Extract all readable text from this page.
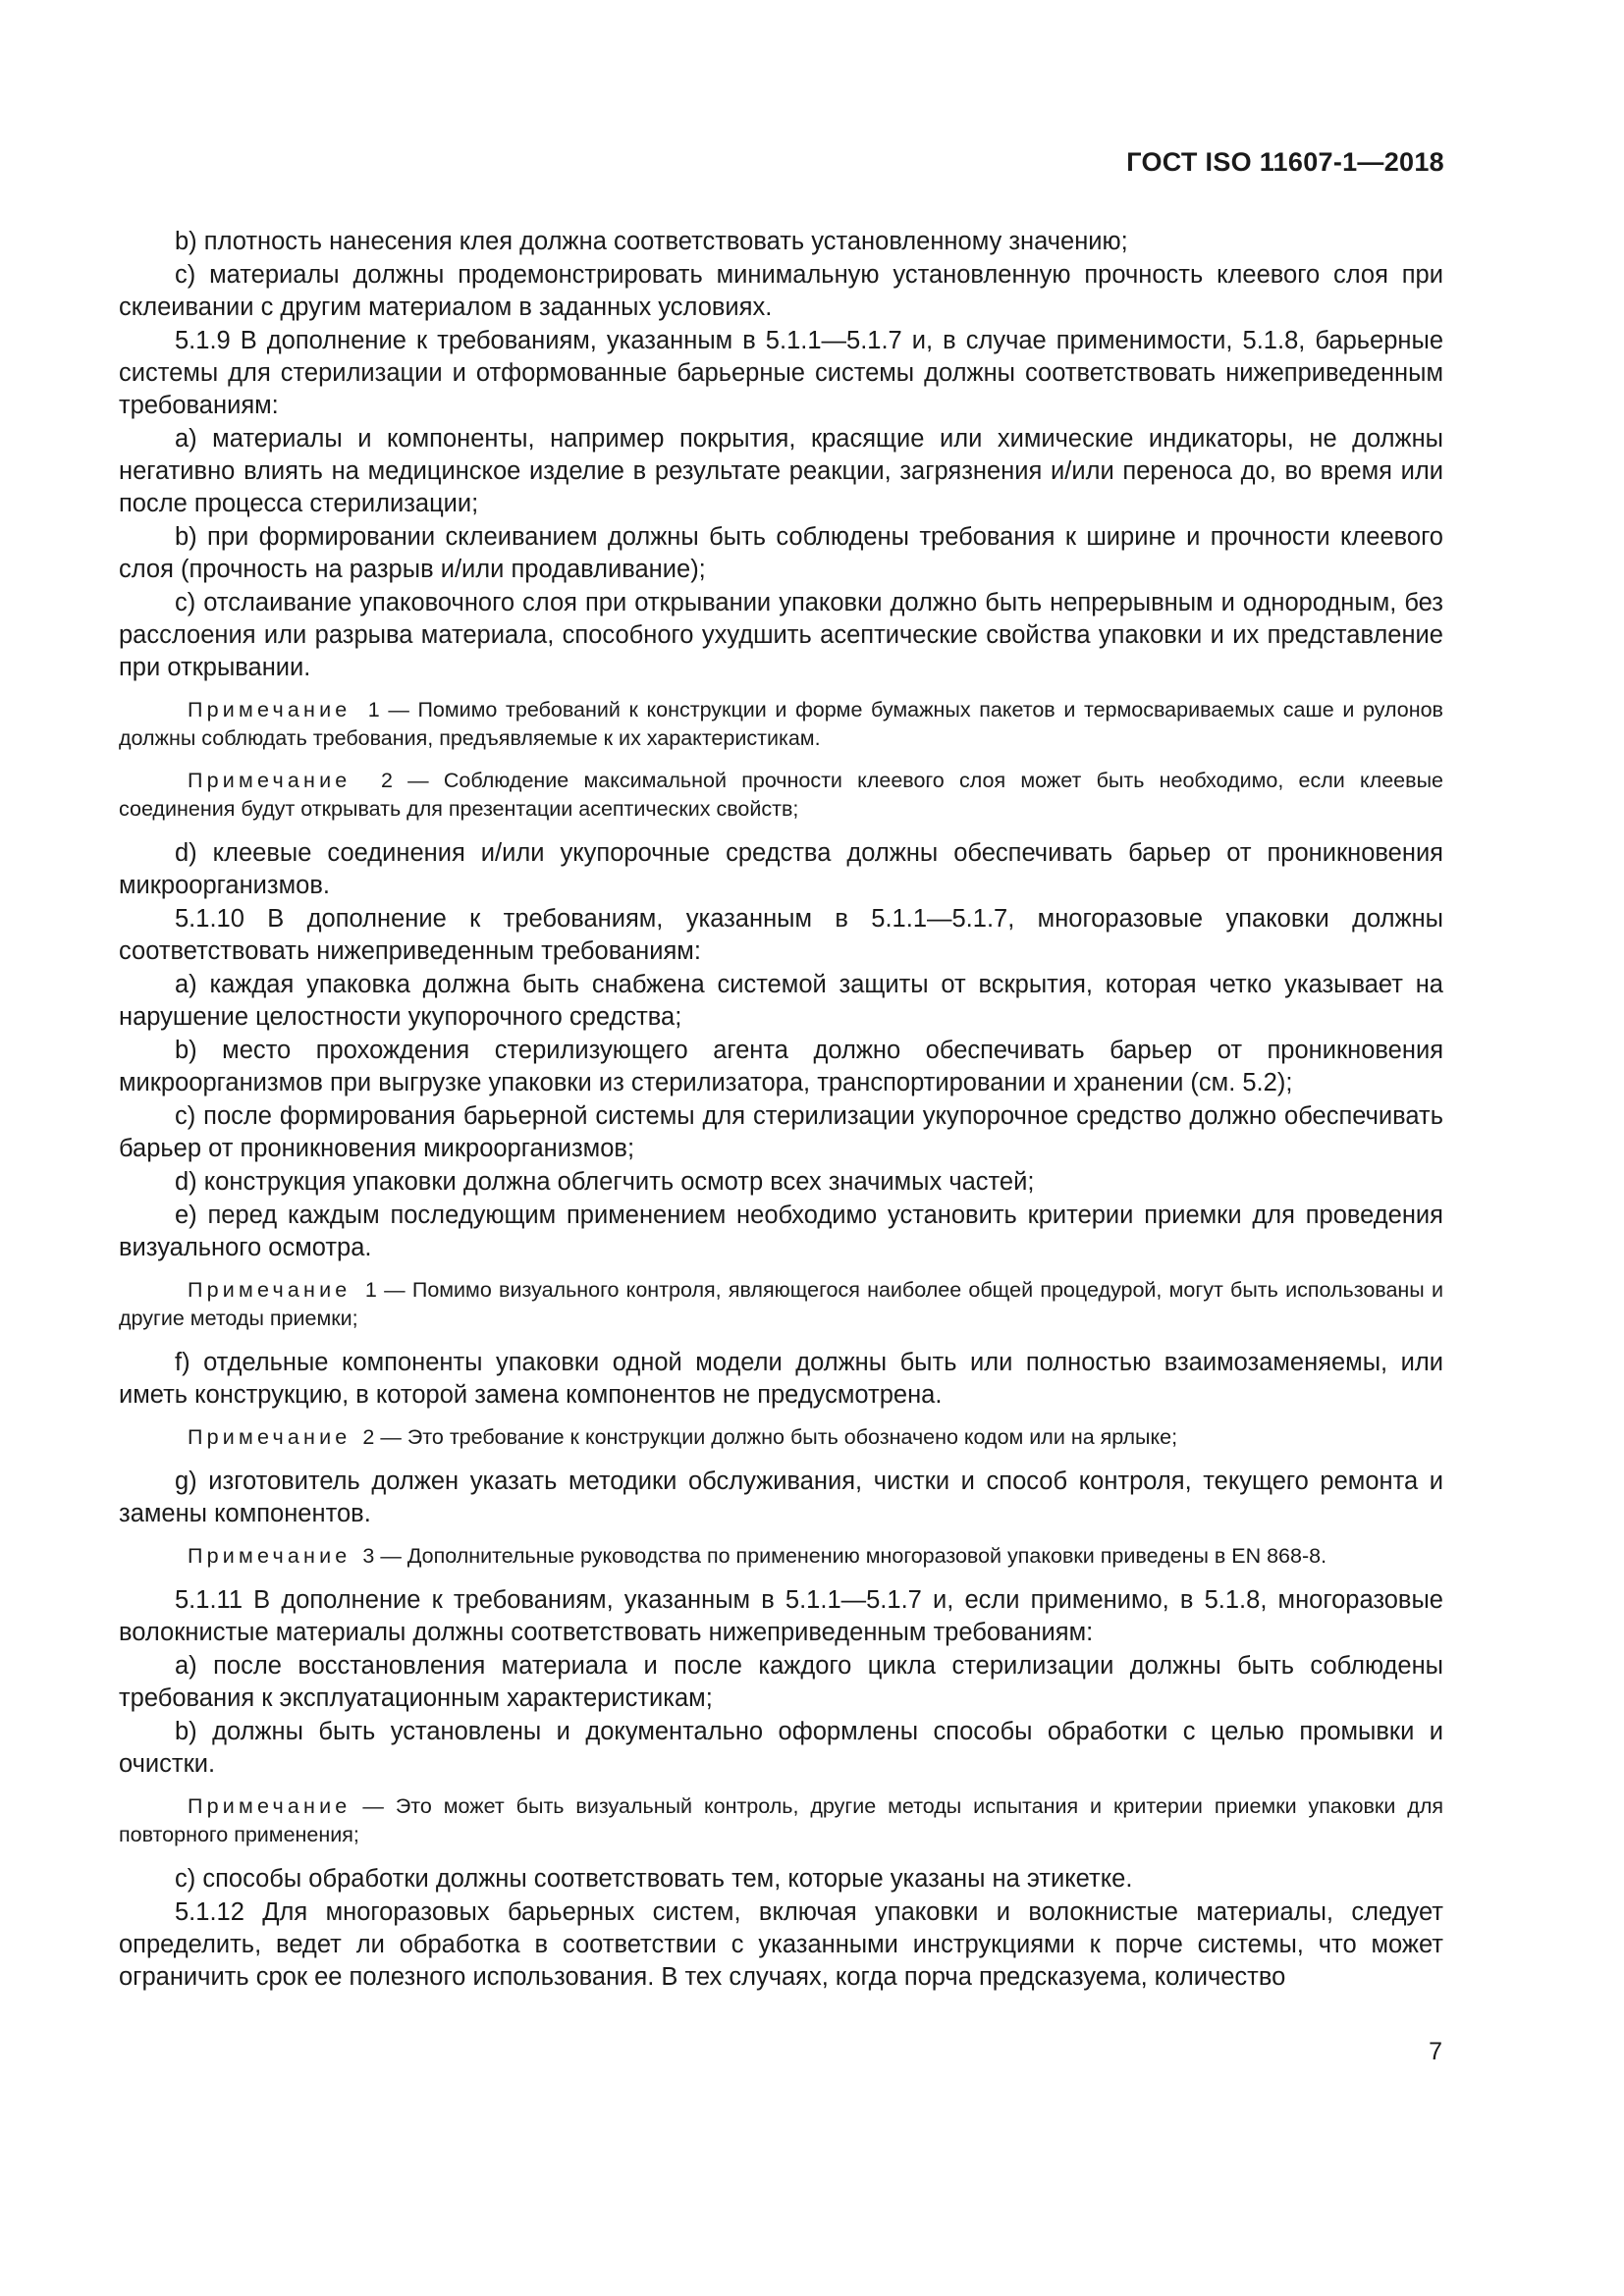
ГОСТ ISO 11607-1—2018

b) плотность нанесения клея должна соответствовать установленному значению;

c) материалы должны продемонстрировать минимальную установленную прочность клеевого слоя при склеивании с другим материалом в заданных условиях.

5.1.9 В дополнение к требованиям, указанным в 5.1.1—5.1.7 и, в случае применимости, 5.1.8, барьерные системы для стерилизации и отформованные барьерные системы должны соответствовать нижеприведенным требованиям:

a) материалы и компоненты, например покрытия, красящие или химические индикаторы, не должны негативно влиять на медицинское изделие в результате реакции, загрязнения и/или переноса до, во время или после процесса стерилизации;

b) при формировании склеиванием должны быть соблюдены требования к ширине и прочности клеевого слоя (прочность на разрыв и/или продавливание);

c) отслаивание упаковочного слоя при открывании упаковки должно быть непрерывным и однородным, без расслоения или разрыва материала, способного ухудшить асептические свойства упаковки и их представление при открывании.

Примечание 1 — Помимо требований к конструкции и форме бумажных пакетов и термосвариваемых саше и рулонов должны соблюдать требования, предъявляемые к их характеристикам.

Примечание 2 — Соблюдение максимальной прочности клеевого слоя может быть необходимо, если клеевые соединения будут открывать для презентации асептических свойств;

d) клеевые соединения и/или укупорочные средства должны обеспечивать барьер от проникновения микроорганизмов.

5.1.10 В дополнение к требованиям, указанным в 5.1.1—5.1.7, многоразовые упаковки должны соответствовать нижеприведенным требованиям:

a) каждая упаковка должна быть снабжена системой защиты от вскрытия, которая четко указывает на нарушение целостности укупорочного средства;

b) место прохождения стерилизующего агента должно обеспечивать барьер от проникновения микроорганизмов при выгрузке упаковки из стерилизатора, транспортировании и хранении (см. 5.2);

c) после формирования барьерной системы для стерилизации укупорочное средство должно обеспечивать барьер от проникновения микроорганизмов;

d) конструкция упаковки должна облегчить осмотр всех значимых частей;

e) перед каждым последующим применением необходимо установить критерии приемки для проведения визуального осмотра.

Примечание 1 — Помимо визуального контроля, являющегося наиболее общей процедурой, могут быть использованы и другие методы приемки;

f) отдельные компоненты упаковки одной модели должны быть или полностью взаимозаменяемы, или иметь конструкцию, в которой замена компонентов не предусмотрена.

Примечание 2 — Это требование к конструкции должно быть обозначено кодом или на ярлыке;

g) изготовитель должен указать методики обслуживания, чистки и способ контроля, текущего ремонта и замены компонентов.

Примечание 3 — Дополнительные руководства по применению многоразовой упаковки приведены в EN 868-8.

5.1.11 В дополнение к требованиям, указанным в 5.1.1—5.1.7 и, если применимо, в 5.1.8, многоразовые волокнистые материалы должны соответствовать нижеприведенным требованиям:

a) после восстановления материала и после каждого цикла стерилизации должны быть соблюдены требования к эксплуатационным характеристикам;

b) должны быть установлены и документально оформлены способы обработки с целью промывки и очистки.

Примечание — Это может быть визуальный контроль, другие методы испытания и критерии приемки упаковки для повторного применения;

c) способы обработки должны соответствовать тем, которые указаны на этикетке.

5.1.12 Для многоразовых барьерных систем, включая упаковки и волокнистые материалы, следует определить, ведет ли обработка в соответствии с указанными инструкциями к порче системы, что может ограничить срок ее полезного использования. В тех случаях, когда порча предсказуема, количество

7
